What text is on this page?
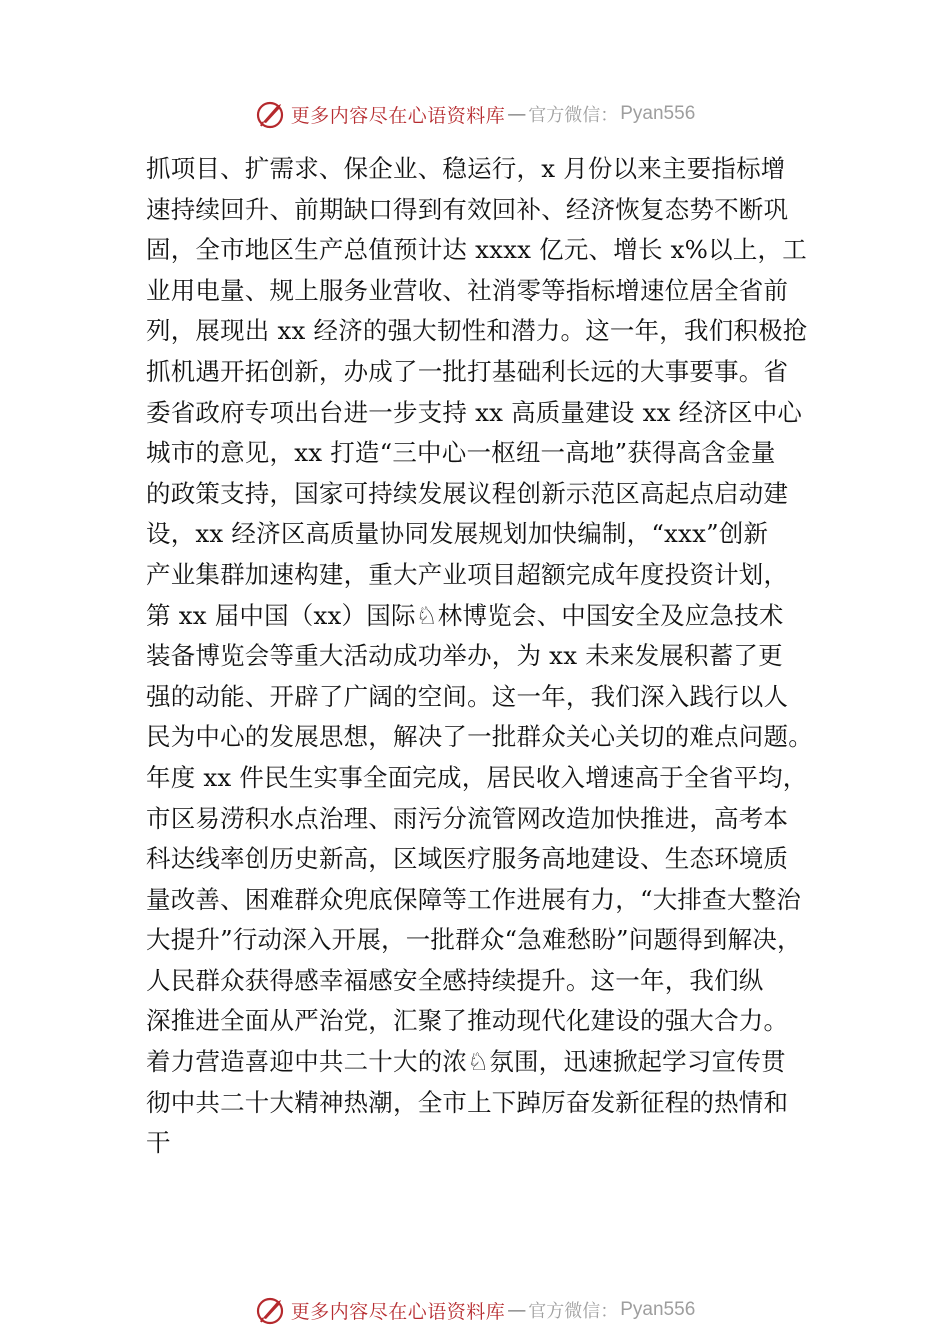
更多内容尽在心语资料库 — 官方微信： Pyan556
抓项目、扩需求、保企业、稳运行，x 月份以来主要指标增
速持续回升、前期缺口得到有效回补、经济恢复态势不断巩
固，全市地区生产总值预计达 xxxx 亿元、增长 x%以上，工
业用电量、规上服务业营收、社消零等指标增速位居全省前
列，展现出 xx 经济的强大韧性和潜力。这一年，我们积极抢
抓机遇开拓创新，办成了一批打基础利长远的大事要事。省
委省政府专项出台进一步支持 xx 高质量建设 xx 经济区中心
城市的意见，xx 打造“三中心一枢纽一高地”获得高含金量
的政策支持，国家可持续发展议程创新示范区高起点启动建
设，xx 经济区高质量协同发展规划加快编制，“xxx”创新
产业集群加速构建，重大产业项目超额完成年度投资计划，
第 xx 届中国（xx）国际♘林博览会、中国安全及应急技术
装备博览会等重大活动成功举办，为 xx 未来发展积蓄了更
强的动能、开辟了广阔的空间。这一年，我们深入践行以人
民为中心的发展思想，解决了一批群众关心关切的难点问题。
年度 xx 件民生实事全面完成，居民收入增速高于全省平均，
市区易涝积水点治理、雨污分流管网改造加快推进，高考本
科达线率创历史新高，区域医疗服务高地建设、生态环境质
量改善、困难群众兜底保障等工作进展有力，“大排查大整治
大提升”行动深入开展，一批群众“急难愁盼”问题得到解决，
人民群众获得感幸福感安全感持续提升。这一年，我们纵
深推进全面从严治党，汇聚了推动现代化建设的强大合力。
着力营造喜迎中共二十大的浓♘氛围，迅速掀起学习宣传贯
彻中共二十大精神热潮，全市上下踔厉奋发新征程的热情和
干
更多内容尽在心语资料库 — 官方微信： Pyan556
